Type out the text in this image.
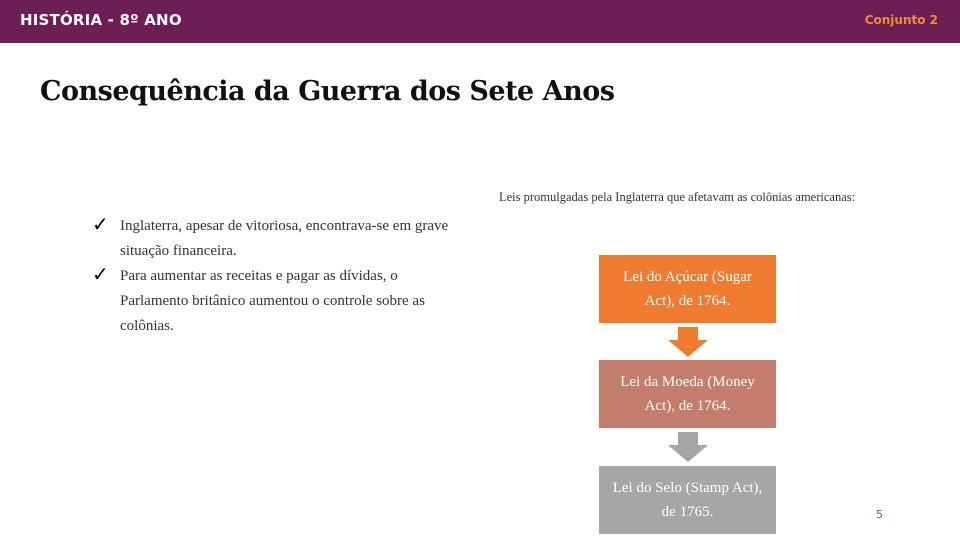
HISTÓRIA - 8º ANO	Conjunto 2
Consequência da Guerra dos Sete Anos
✓ Inglaterra, apesar de vitoriosa, encontrava-se em grave situação financeira.
✓ Para aumentar as receitas e pagar as dívidas, o Parlamento britânico aumentou o controle sobre as colônias.
Leis promulgadas pela Inglaterra que afetavam as colônias americanas:
Lei do Açúcar (Sugar
Act), de 1764.
Lei da Moeda (Money
Act), de 1764.
Lei do Selo (Stamp Act),
de 1765.	5
